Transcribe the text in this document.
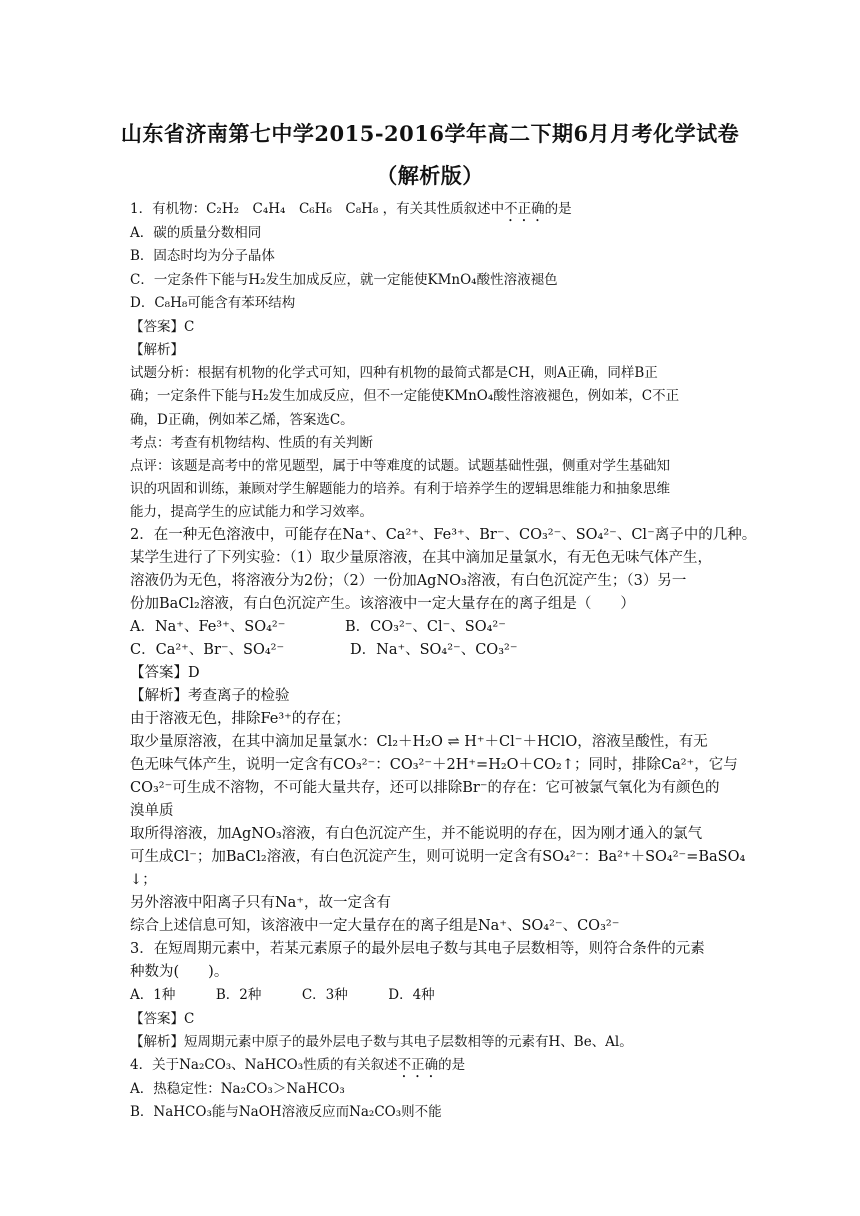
山东省济南第七中学2015-2016学年高二下期6月月考化学试卷
（解析版）
1．有机物：C₂H₂　C₄H₄　C₆H₆　C₈H₈ ，有关其性质叙述中不正确的是
A．碳的质量分数相同
B．固态时均为分子晶体
C．一定条件下能与H₂发生加成反应，就一定能使KMnO₄酸性溶液褪色
D．C₈H₈可能含有苯环结构
【答案】C
【解析】
试题分析：根据有机物的化学式可知，四种有机物的最简式都是CH，则A正确，同样B正
确；一定条件下能与H₂发生加成反应，但不一定能使KMnO₄酸性溶液褪色，例如苯，C不正
确，D正确，例如苯乙烯，答案选C。
考点：考查有机物结构、性质的有关判断
点评：该题是高考中的常见题型，属于中等难度的试题。试题基础性强，侧重对学生基础知
识的巩固和训练，兼顾对学生解题能力的培养。有利于培养学生的逻辑思维能力和抽象思维
能力，提高学生的应试能力和学习效率。
2．在一种无色溶液中，可能存在Na⁺、Ca²⁺、Fe³⁺、Br⁻、CO₃²⁻、SO₄²⁻、Cl⁻离子中的几种。
某学生进行了下列实验：（1）取少量原溶液，在其中滴加足量氯水，有无色无味气体产生，
溶液仍为无色，将溶液分为2份；（2）一份加AgNO₃溶液，有白色沉淀产生；（3）另一
份加BaCl₂溶液，有白色沉淀产生。该溶液中一定大量存在的离子组是（　　）
A．Na⁺、Fe³⁺、SO₄²⁻	B．CO₃²⁻、Cl⁻、SO₄²⁻
C．Ca²⁺、Br⁻、SO₄²⁻	D．Na⁺、SO₄²⁻、CO₃²⁻
【答案】D
【解析】考查离子的检验
由于溶液无色，排除Fe³⁺的存在；
取少量原溶液，在其中滴加足量氯水：Cl₂＋H₂O ⇌ H⁺＋Cl⁻＋HClO，溶液呈酸性，有无
色无味气体产生，说明一定含有CO₃²⁻：CO₃²⁻＋2H⁺=H₂O＋CO₂↑；同时，排除Ca²⁺，它与
CO₃²⁻可生成不溶物，不可能大量共存，还可以排除Br⁻的存在：它可被氯气氧化为有颜色的
溴单质
取所得溶液，加AgNO₃溶液，有白色沉淀产生，并不能说明的存在，因为刚才通入的氯气
可生成Cl⁻；加BaCl₂溶液，有白色沉淀产生，则可说明一定含有SO₄²⁻：Ba²⁺＋SO₄²⁻=BaSO₄
↓；
另外溶液中阳离子只有Na⁺，故一定含有
综合上述信息可知，该溶液中一定大量存在的离子组是Na⁺、SO₄²⁻、CO₃²⁻
3．在短周期元素中，若某元素原子的最外层电子数与其电子层数相等，则符合条件的元素
种数为(　　)。
A．1种　　　B．2种　　　C．3种　　　D．4种
【答案】C
【解析】短周期元素中原子的最外层电子数与其电子层数相等的元素有H、Be、Al。
4．关于Na₂CO₃、NaHCO₃性质的有关叙述不正确的是
A．热稳定性：Na₂CO₃＞NaHCO₃
B．NaHCO₃能与NaOH溶液反应而Na₂CO₃则不能
